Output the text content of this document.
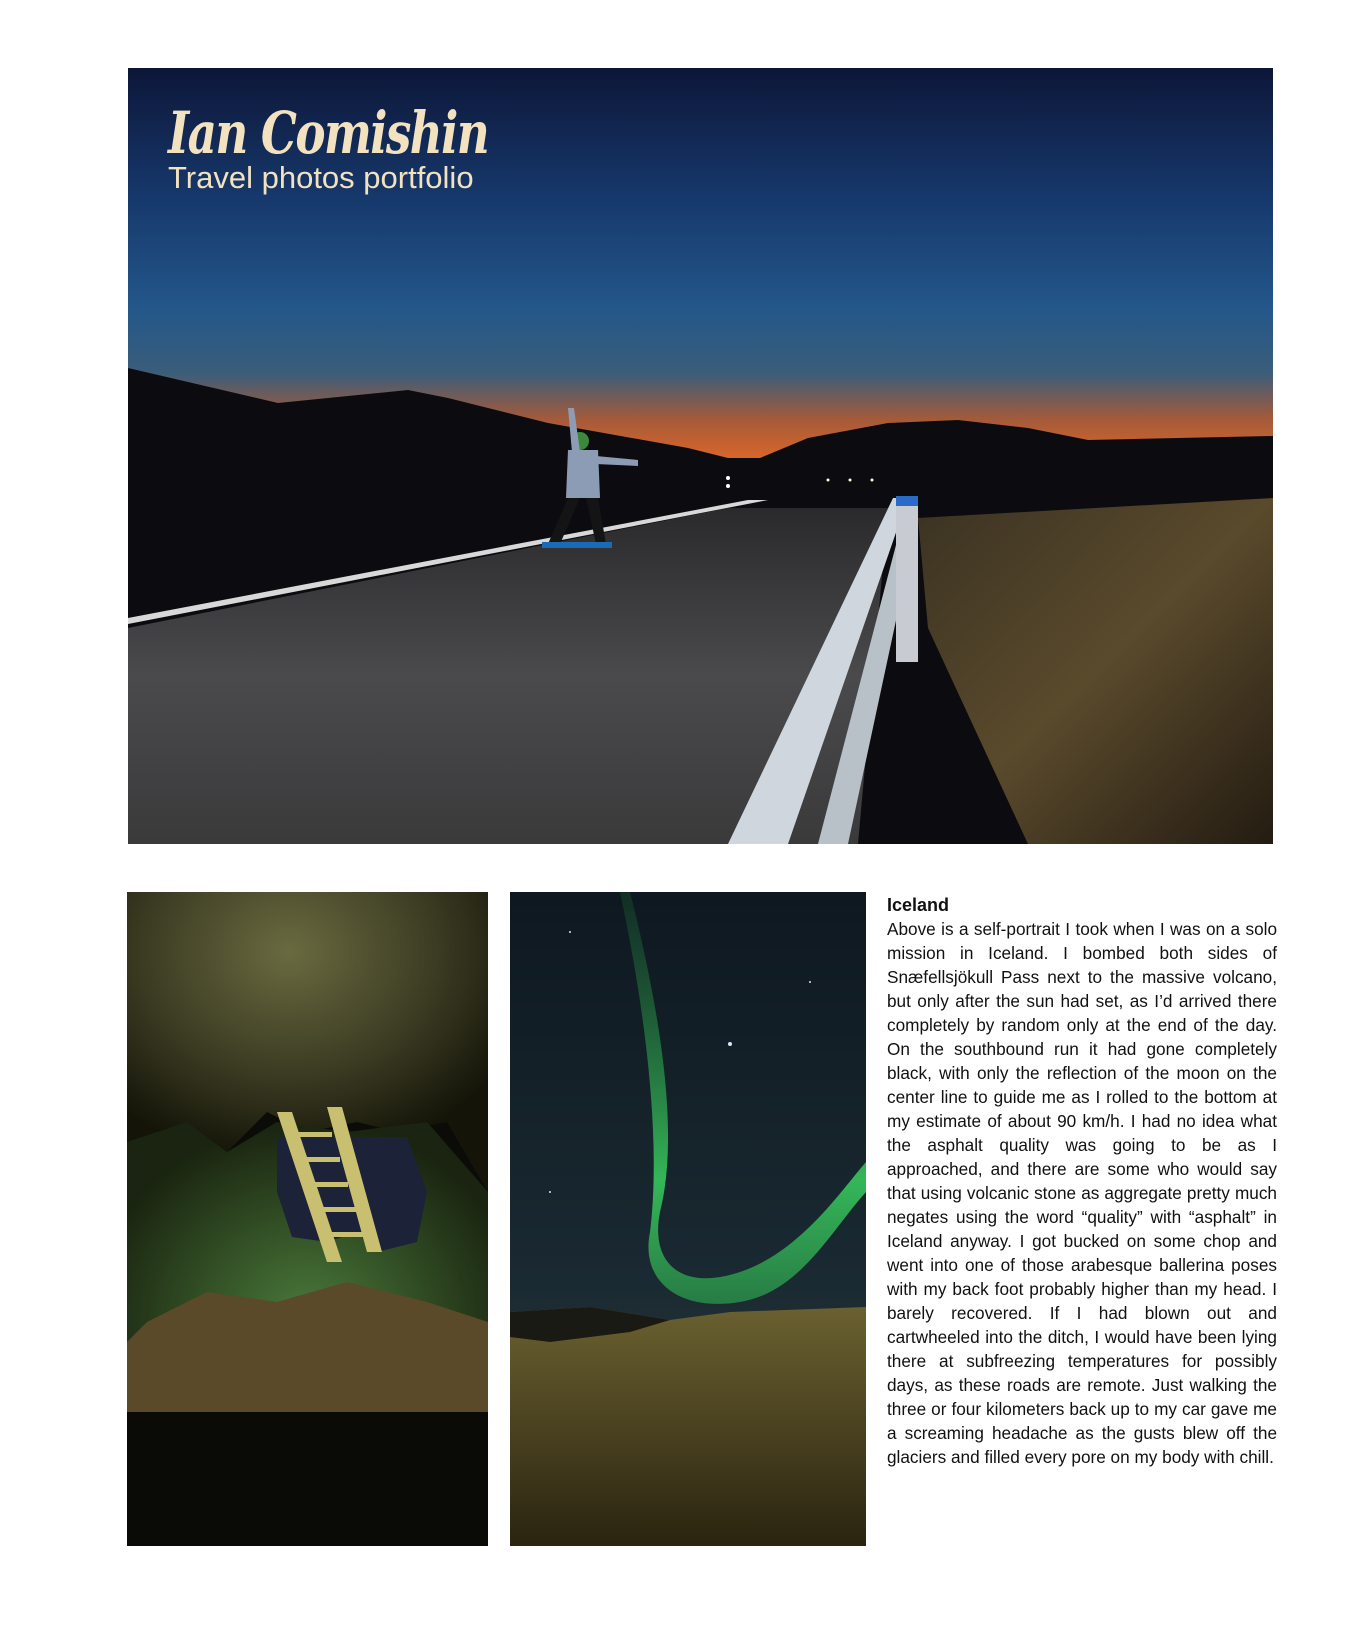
Ian Comishin
Travel photos portfolio

Iceland

Above is a self-portrait I took when I was on a solo mission in Iceland. I bombed both sides of Snæfellsjökull Pass next to the massive volcano, but only after the sun had set, as I’d arrived there completely by random only at the end of the day. On the southbound run it had gone completely black, with only the reflection of the moon on the center line to guide me as I rolled to the bottom at my estimate of about 90 km/h. I had no idea what the asphalt quality was going to be as I approached, and there are some who would say that using volcanic stone as aggregate pretty much negates using the word “quality” with “asphalt” in Iceland anyway. I got bucked on some chop and went into one of those arabesque ballerina poses with my back foot probably higher than my head. I barely recovered. If I had blown out and cartwheeled into the ditch, I would have been lying there at subfreezing temperatures for possibly days, as these roads are remote. Just walking the three or four kilometers back up to my car gave me a screaming headache as the gusts blew off the glaciers and filled every pore on my body with chill.
